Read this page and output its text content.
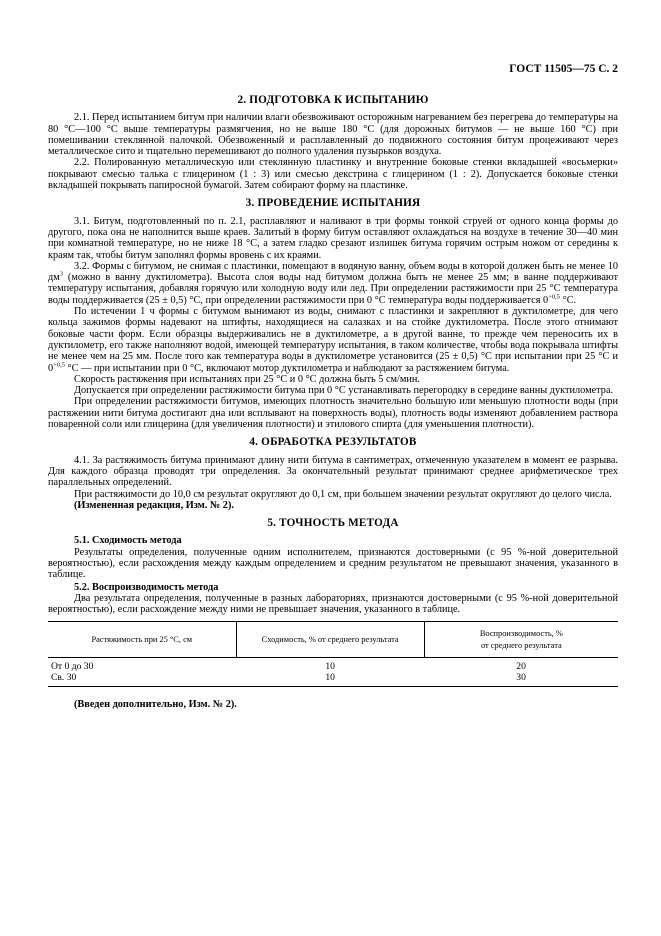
ГОСТ 11505—75 С. 2
2. ПОДГОТОВКА К ИСПЫТАНИЮ

2.1. Перед испытанием битум при наличии влаги обезвоживают осторожным нагреванием без перегрева до температуры на 80 °С—100 °С выше температуры размягчения, но не выше 180 °С (для дорожных битумов — не выше 160 °С) при помешивании стеклянной палочкой. Обезвоженный и расплавленный до подвижного состояния битум процеживают через металлическое сито и тщательно перемешивают до полного удаления пузырьков воздуха.

2.2. Полированную металлическую или стеклянную пластинку и внутренние боковые стенки вкладышей «восьмерки» покрывают смесью талька с глицерином (1 : 3) или смесью декстрина с глицерином (1 : 2). Допускается боковые стенки вкладышей покрывать папиросной бумагой. Затем собирают форму на пластинке.

3. ПРОВЕДЕНИЕ ИСПЫТАНИЯ

3.1. Битум, подготовленный по п. 2.1, расплавляют и наливают в три формы тонкой струей от одного конца формы до другого, пока она не наполнится выше краев. Залитый в форму битум оставляют охлаждаться на воздухе в течение 30—40 мин при комнатной температуре, но не ниже 18 °С, а затем гладко срезают излишек битума горячим острым ножом от середины к краям так, чтобы битум заполнял формы вровень с их краями.

3.2. Формы с битумом, не снимая с пластинки, помещают в водяную ванну, объем воды в которой должен быть не менее 10 $дм^3$ (можно в ванну дуктилометра). Высота слоя воды над битумом должна быть не менее 25 мм; в ванне поддерживают температуру испытания, добавляя горячую или холодную воду или лед. При определении растяжимости при 25 °С температура воды поддерживается (25 ± 0,5) °С, при определении растяжимости при 0 °С температура воды поддерживается $0^{+0,5}$ °С.

По истечении 1 ч формы с битумом вынимают из воды, снимают с пластинки и закрепляют в дуктилометре, для чего кольца зажимов формы надевают на штифты, находящиеся на салазках и на стойке дуктилометра. После этого отнимают боковые части форм. Если образцы выдерживались не в дуктилометре, а в другой ванне, то прежде чем переносить их в дуктилометр, его также наполняют водой, имеющей температуру испытания, в таком количестве, чтобы вода покрывала штифты не менее чем на 25 мм. После того как температура воды в дуктилометре установится (25 ± 0,5) °С при испытании при 25 °С и $0^{+0,5}$ °С — при испытании при 0 °С, включают мотор дуктилометра и наблюдают за растяжением битума.

Скорость растяжения при испытаниях при 25 °С и 0 °С должна быть 5 см/мин.

Допускается при определении растяжимости битума при 0 °С устанавливать перегородку в середине ванны дуктилометра.

При определении растяжимости битумов, имеющих плотность значительно большую или меньшую плотности воды (при растяжении нити битума достигают дна или всплывают на поверхность воды), плотность воды изменяют добавлением раствора поваренной соли или глицерина (для увеличения плотности) и этилового спирта (для уменьшения плотности).

4. ОБРАБОТКА РЕЗУЛЬТАТОВ

4.1. За растяжимость битума принимают длину нити битума в сантиметрах, отмеченную указателем в момент ее разрыва. Для каждого образца проводят три определения. За окончательный результат принимают среднее арифметическое трех параллельных определений.

При растяжимости до 10,0 см результат округляют до 0,1 см, при большем значении результат округляют до целого числа.

(Измененная редакция, Изм. № 2).

5. ТОЧНОСТЬ МЕТОДА

5.1. Сходимость метода

Результаты определения, полученные одним исполнителем, признаются достоверными (с 95 %-ной доверительной вероятностью), если расхождения между каждым определением и средним результатом не превышают значения, указанного в таблице.

5.2. Воспроизводимость метода

Два результата определения, полученные в разных лабораториях, признаются достоверными (с 95 %-ной доверительной вероятностью), если расхождение между ними не превышает значения, указанного в таблице.

Растяжимость при 25 °С, см	Сходимость, % от среднего результата	Воспроизводимость, %
от среднего результата
От 0 до 30	10	20
Св. 30	10	30

(Введен дополнительно, Изм. № 2).
